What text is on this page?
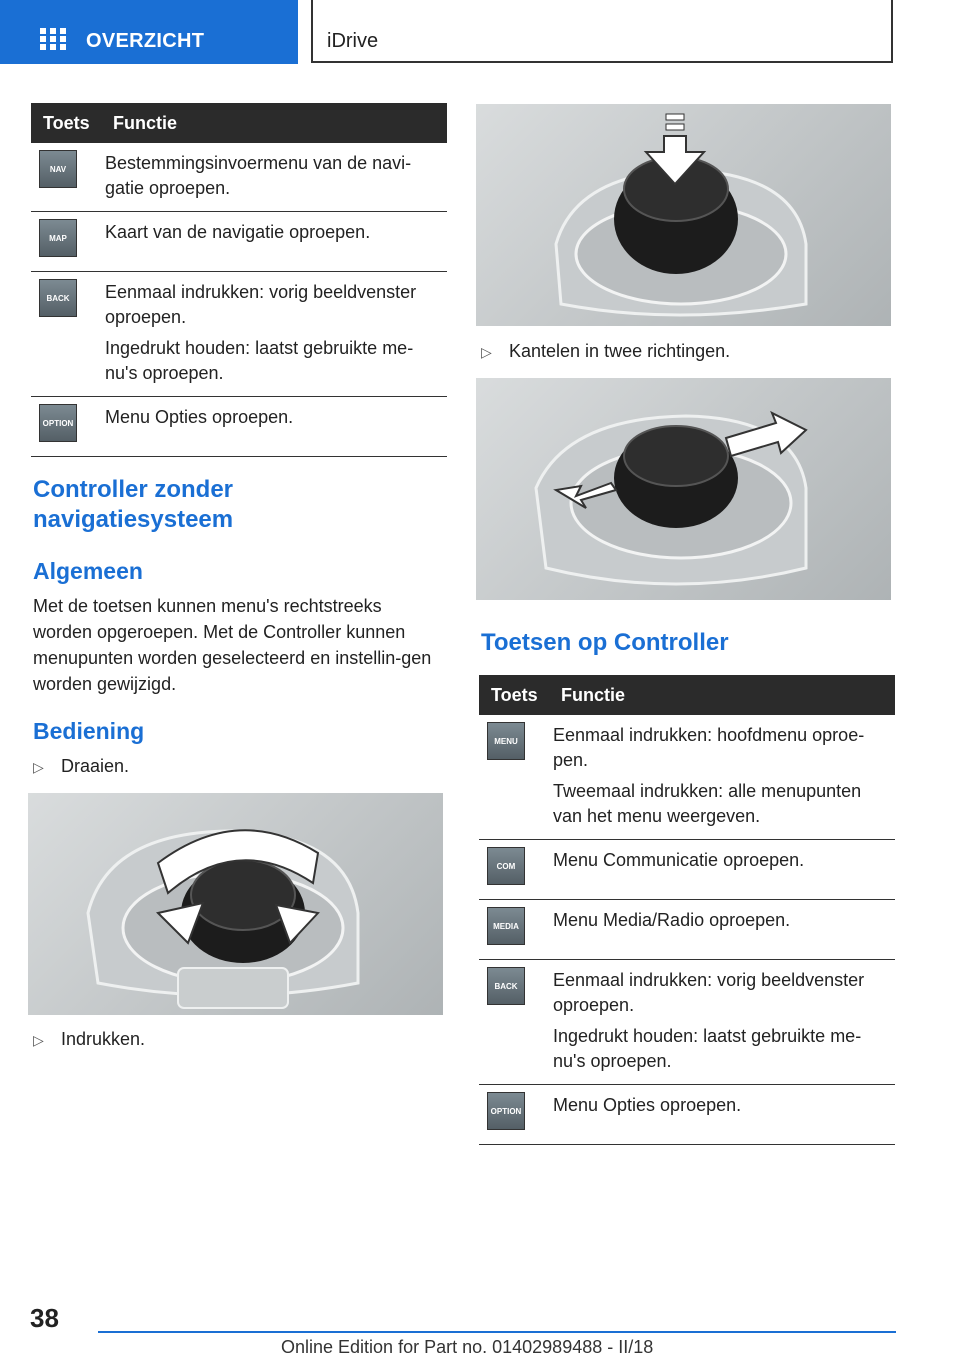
OVERZICHT	iDrive
Toets	Functie

NAV	Bestemmingsinvoermenu van de navi-gatie oproepen.

MAP	Kaart van de navigatie oproepen.

BACK	Eenmaal indrukken: vorig beeldvenster oproepen.

Ingedrukt houden: laatst gebruikte me-nu's oproepen.

OPTION	Menu Opties oproepen.

Controller zonder navigatiesysteem
Algemeen
Met de toetsen kunnen menu's rechtstreeks worden opgeroepen. Met de Controller kunnen menupunten worden geselecteerd en instellin-gen worden gewijzigd.
Bediening
▷ Draaien.
▷ Indrukken.
▷ Kantelen in twee richtingen.
Toetsen op Controller
Toets	Functie

MENU	Eenmaal indrukken: hoofdmenu oproe-pen.

Tweemaal indrukken: alle menupunten van het menu weergeven.

COM	Menu Communicatie oproepen.

MEDIA	Menu Media/Radio oproepen.

BACK	Eenmaal indrukken: vorig beeldvenster oproepen.

Ingedrukt houden: laatst gebruikte me-nu's oproepen.

OPTION	Menu Opties oproepen.

38
Online Edition for Part no. 01402989488 - II/18
